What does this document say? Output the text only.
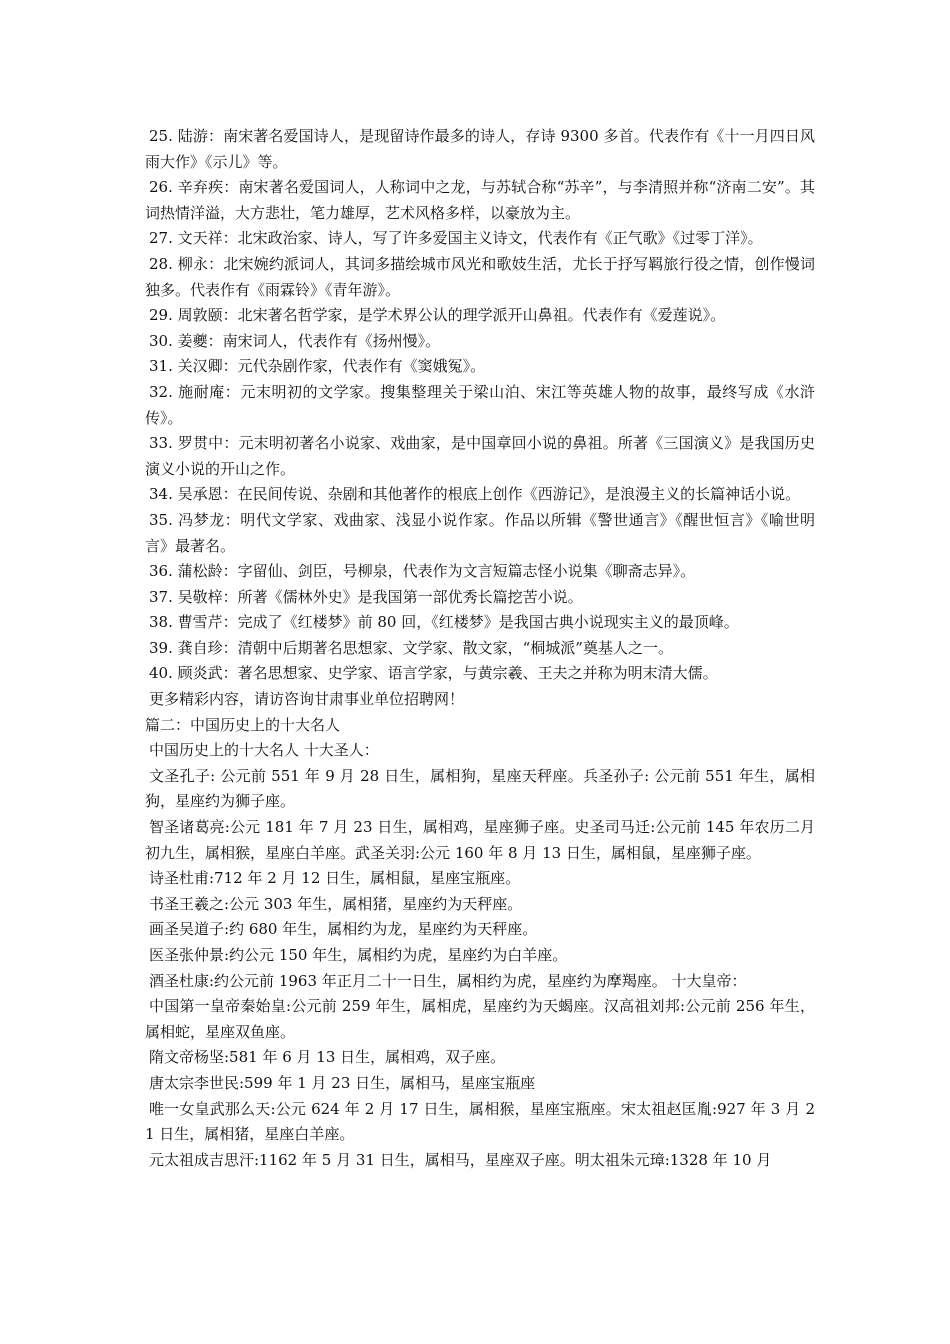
25. 陆游：南宋著名爱国诗人，是现留诗作最多的诗人，存诗 9300 多首。代表作有《十一月四日风雨大作》《示儿》等。

26. 辛弃疾：南宋著名爱国词人，人称词中之龙，与苏轼合称“苏辛”，与李清照并称“济南二安”。其词热情洋溢，大方悲壮，笔力雄厚，艺术风格多样，以豪放为主。

27. 文天祥：北宋政治家、诗人，写了许多爱国主义诗文，代表作有《正气歌》《过零丁洋》。

28. 柳永：北宋婉约派词人，其词多描绘城市风光和歌妓生活，尤长于抒写羁旅行役之情，创作慢词独多。代表作有《雨霖铃》《青年游》。

29. 周敦颐：北宋著名哲学家，是学术界公认的理学派开山鼻祖。代表作有《爱莲说》。

30. 姜夔：南宋词人，代表作有《扬州慢》。

31. 关汉卿：元代杂剧作家，代表作有《窦娥冤》。

32. 施耐庵：元末明初的文学家。搜集整理关于梁山泊、宋江等英雄人物的故事，最终写成《水浒传》。

33. 罗贯中：元末明初著名小说家、戏曲家，是中国章回小说的鼻祖。所著《三国演义》是我国历史演义小说的开山之作。

34. 吴承恩：在民间传说、杂剧和其他著作的根底上创作《西游记》，是浪漫主义的长篇神话小说。

35. 冯梦龙：明代文学家、戏曲家、浅显小说作家。作品以所辑《警世通言》《醒世恒言》《喻世明言》最著名。

36. 蒲松龄：字留仙、剑臣，号柳泉，代表作为文言短篇志怪小说集《聊斋志异》。

37. 吴敬梓：所著《儒林外史》是我国第一部优秀长篇挖苦小说。

38. 曹雪芹：完成了《红楼梦》前 80 回，《红楼梦》是我国古典小说现实主义的最顶峰。

39. 龚自珍：清朝中后期著名思想家、文学家、散文家，“桐城派”奠基人之一。

40. 顾炎武：著名思想家、史学家、语言学家，与黄宗羲、王夫之并称为明末清大儒。

更多精彩内容，请访咨询甘肃事业单位招聘网！

篇二：中国历史上的十大名人

中国历史上的十大名人 十大圣人：

文圣孔子: 公元前 551 年 9 月 28 日生，属相狗，星座天秤座。兵圣孙子: 公元前 551 年生，属相狗，星座约为狮子座。

智圣诸葛亮:公元 181 年 7 月 23 日生，属相鸡，星座狮子座。史圣司马迁:公元前 145 年农历二月初九生，属相猴，星座白羊座。武圣关羽:公元 160 年 8 月 13 日生，属相鼠，星座狮子座。

诗圣杜甫:712 年 2 月 12 日生，属相鼠，星座宝瓶座。

书圣王羲之:公元 303 年生，属相猪，星座约为天秤座。

画圣吴道子:约 680 年生，属相约为龙，星座约为天秤座。

医圣张仲景:约公元 150 年生，属相约为虎，星座约为白羊座。

酒圣杜康:约公元前 1963 年正月二十一日生，属相约为虎，星座约为摩羯座。 十大皇帝：

中国第一皇帝秦始皇:公元前 259 年生，属相虎，星座约为天蝎座。汉高祖刘邦:公元前 256 年生，属相蛇，星座双鱼座。

隋文帝杨坚:581 年 6 月 13 日生，属相鸡，双子座。

唐太宗李世民:599 年 1 月 23 日生，属相马，星座宝瓶座

唯一女皇武那么天:公元 624 年 2 月 17 日生，属相猴，星座宝瓶座。宋太祖赵匡胤:927 年 3 月 21 日生，属相猪，星座白羊座。

元太祖成吉思汗:1162 年 5 月 31 日生，属相马，星座双子座。明太祖朱元璋:1328 年 10 月
